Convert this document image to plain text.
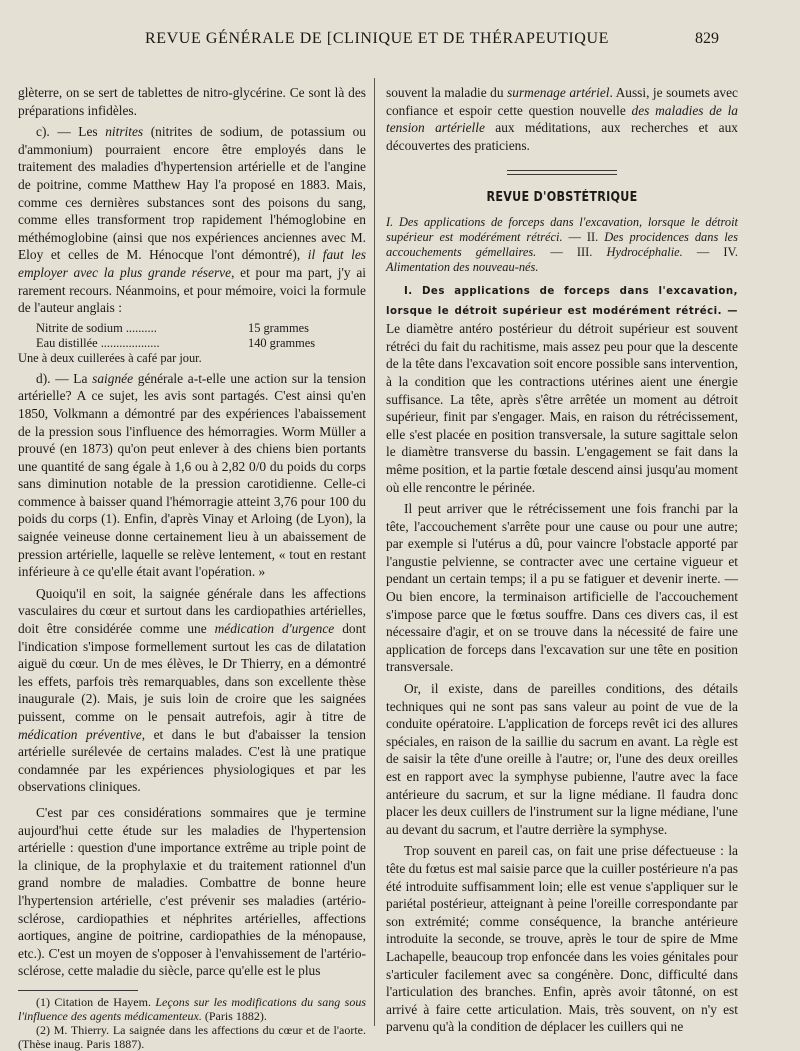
REVUE GÉNÉRALE DE [CLINIQUE ET DE THÉRAPEUTIQUE	829

glèterre, on se sert de tablettes de nitro-glycérine. Ce sont là des préparations infidèles.

c). — Les nitrites (nitrites de sodium, de potassium ou d'ammonium) pourraient encore être employés dans le traitement des maladies d'hypertension artérielle et de l'angine de poitrine, comme Matthew Hay l'a proposé en 1883. Mais, comme ces dernières substances sont des poisons du sang, comme elles transforment trop rapidement l'hémoglobine en méthémoglobine (ainsi que nos expériences anciennes avec M. Eloy et celles de M. Hénocque l'ont démontré), il faut les employer avec la plus grande réserve, et pour ma part, j'y ai rarement recours. Néanmoins, et pour mémoire, voici la formule de l'auteur anglais :

Nitrite de sodium ..........	15 grammes
Eau distillée ...................	140 grammes

Une à deux cuillerées à café par jour.

d). — La saignée générale a-t-elle une action sur la tension artérielle? A ce sujet, les avis sont partagés. C'est ainsi qu'en 1850, Volkmann a démontré par des expériences l'abaissement de la pression sous l'influence des hémorragies. Worm Müller a prouvé (en 1873) qu'on peut enlever à des chiens bien portants une quantité de sang égale à 1,6 ou à 2,82 0/0 du poids du corps sans diminution notable de la pression carotidienne. Celle-ci commence à baisser quand l'hémorragie atteint 3,76 pour 100 du poids du corps (1). Enfin, d'après Vinay et Arloing (de Lyon), la saignée veineuse donne certainement lieu à un abaissement de pression artérielle, laquelle se relève lentement, « tout en restant inférieure à ce qu'elle était avant l'opération. »

Quoiqu'il en soit, la saignée générale dans les affections vasculaires du cœur et surtout dans les cardiopathies artérielles, doit être considérée comme une médication d'urgence dont l'indication s'impose formellement surtout les cas de dilatation aiguë du cœur. Un de mes élèves, le Dr Thierry, en a démontré les effets, parfois très remarquables, dans son excellente thèse inaugurale (2). Mais, je suis loin de croire que les saignées puissent, comme on le pensait autrefois, agir à titre de médication préventive, et dans le but d'abaisser la tension artérielle surélevée de certains malades. C'est là une pratique condamnée par les expériences physiologiques et par les observations cliniques.

C'est par ces considérations sommaires que je termine aujourd'hui cette étude sur les maladies de l'hypertension artérielle : question d'une importance extrême au triple point de la clinique, de la prophylaxie et du traitement rationnel d'un grand nombre de maladies. Combattre de bonne heure l'hypertension artérielle, c'est prévenir ses maladies (artério-sclérose, cardiopathies et néphrites artérielles, affections aortiques, angine de poitrine, cardiopathies de la ménopause, etc.). C'est un moyen de s'opposer à l'envahissement de l'artério-sclérose, cette maladie du siècle, parce qu'elle est le plus

(1) Citation de Hayem. Leçons sur les modifications du sang sous l'influence des agents médicamenteux. (Paris 1882).

(2) M. Thierry. La saignée dans les affections du cœur et de l'aorte. (Thèse inaug. Paris 1887).

souvent la maladie du surmenage artériel. Aussi, je soumets avec confiance et espoir cette question nouvelle des maladies de la tension artérielle aux méditations, aux recherches et aux découvertes des praticiens.

REVUE D'OBSTÉTRIQUE

I. Des applications de forceps dans l'excavation, lorsque le détroit supérieur est modérément rétréci. — II. Des procidences dans les accouchements gémellaires. — III. Hydrocéphalie. — IV. Alimentation des nouveau-nés.

I. Des applications de forceps dans l'excavation, lorsque le détroit supérieur est modérément rétréci. — Le diamètre antéro postérieur du détroit supérieur est souvent rétréci du fait du rachitisme, mais assez peu pour que la descente de la tête dans l'excavation soit encore possible sans intervention, à la condition que les contractions utérines aient une énergie suffisance. La tête, après s'être arrêtée un moment au détroit supérieur, finit par s'engager. Mais, en raison du rétrécissement, elle s'est placée en position transversale, la suture sagittale selon le diamètre transverse du bassin. L'engagement se fait dans la même position, et la partie fœtale descend ainsi jusqu'au moment où elle rencontre le périnée.

Il peut arriver que le rétrécissement une fois franchi par la tête, l'accouchement s'arrête pour une cause ou pour une autre; par exemple si l'utérus a dû, pour vaincre l'obstacle apporté par l'angustie pelvienne, se contracter avec une certaine vigueur et pendant un certain temps; il a pu se fatiguer et devenir inerte. — Ou bien encore, la terminaison artificielle de l'accouchement s'impose parce que le fœtus souffre. Dans ces divers cas, il est nécessaire d'agir, et on se trouve dans la nécessité de faire une application de forceps dans l'excavation sur une tête en position transversale.

Or, il existe, dans de pareilles conditions, des détails techniques qui ne sont pas sans valeur au point de vue de la conduite opératoire. L'application de forceps revêt ici des allures spéciales, en raison de la saillie du sacrum en avant. La règle est de saisir la tête d'une oreille à l'autre; or, l'une des deux oreilles est en rapport avec la symphyse pubienne, l'autre avec la face antérieure du sacrum, et sur la ligne médiane. Il faudra donc placer les deux cuillers de l'instrument sur la ligne médiane, l'une au devant du sacrum, et l'autre derrière la symphyse.

Trop souvent en pareil cas, on fait une prise défectueuse : la tête du fœtus est mal saisie parce que la cuiller postérieure n'a pas été introduite suffisamment loin; elle est venue s'appliquer sur le pariétal postérieur, atteignant à peine l'oreille correspondante par son extrémité; comme conséquence, la branche antérieure introduite la seconde, se trouve, après le tour de spire de Mme Lachapelle, beaucoup trop enfoncée dans les voies génitales pour s'articuler facilement avec sa congénère. Donc, difficulté dans l'articulation des branches. Enfin, après avoir tâtonné, on est arrivé à faire cette articulation. Mais, très souvent, on n'y est parvenu qu'à la condition de déplacer les cuillers qui ne
